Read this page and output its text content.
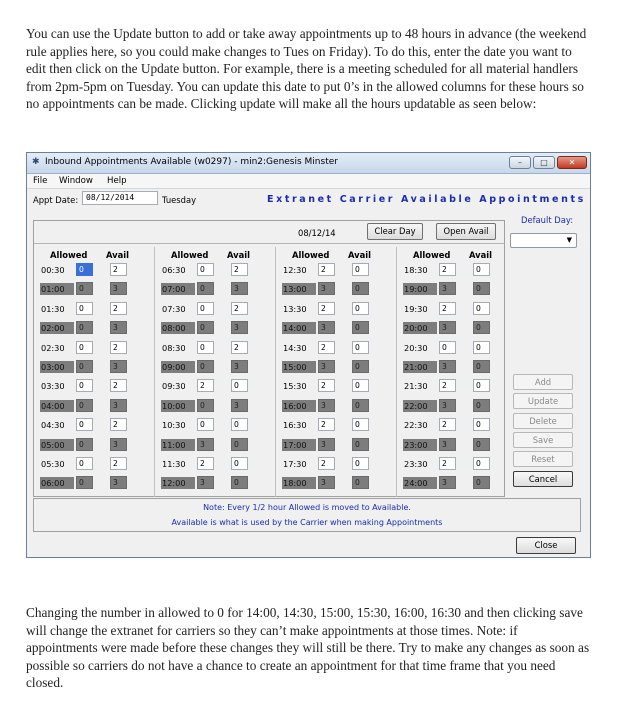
You can use the Update button to add or take away appointments up to 48 hours in advance (the weekend rule applies here, so you could make changes to Tues on Friday). To do this, enter the date you want to edit then click on the Update button. For example, there is a meeting scheduled for all material handlers from 2pm-5pm on Tuesday. You can update this date to put 0’s in the allowed columns for these hours so no appointments can be made. Clicking update will make all the hours updatable as seen below:

✱ Inbound Appointments Available (w0297) - min2:Genesis Minster	–	□	✕
File Window Help
Appt Date: 08/12/2014	Tuesday	Extranet Carrier Available Appointments
Default Day:
▼
08/12/14	Clear Day	Open Avail
Allowed Avail
00:30	0	2
01:00	0	3
01:30	0	2
02:00	0	3
02:30	0	2
03:00	0	3
03:30	0	2
04:00	0	3
04:30	0	2
05:00	0	3
05:30	0	2
06:00	0	3
Allowed Avail
06:30	0	2
07:00	0	3
07:30	0	2
08:00	0	3
08:30	0	2
09:00	0	3
09:30	2	0
10:00	0	3
10:30	0	0
11:00	3	0
11:30	2	0
12:00	3	0
Allowed Avail
12:30	2	0
13:00	3	0
13:30	2	0
14:00	3	0
14:30	2	0
15:00	3	0
15:30	2	0
16:00	3	0
16:30	2	0
17:00	3	0
17:30	2	0
18:00	3	0
Allowed Avail
18:30	2	0
19:00	3	0
19:30	2	0
20:00	3	0
20:30	0	0
21:00	3	0
21:30	2	0
22:00	3	0
22:30	2	0
23:00	3	0
23:30	2	0
24:00	3	0
Add
Update
Delete
Save
Reset
Cancel
Note: Every 1/2 hour Allowed is moved to Available.
Available is what is used by the Carrier when making Appointments
Close

Changing the number in allowed to 0 for 14:00, 14:30, 15:00, 15:30, 16:00, 16:30 and then clicking save will change the extranet for carriers so they can’t make appointments at those times. Note: if appointments were made before these changes they will still be there. Try to make any changes as soon as possible so carriers do not have a chance to create an appointment for that time frame that you need closed.
